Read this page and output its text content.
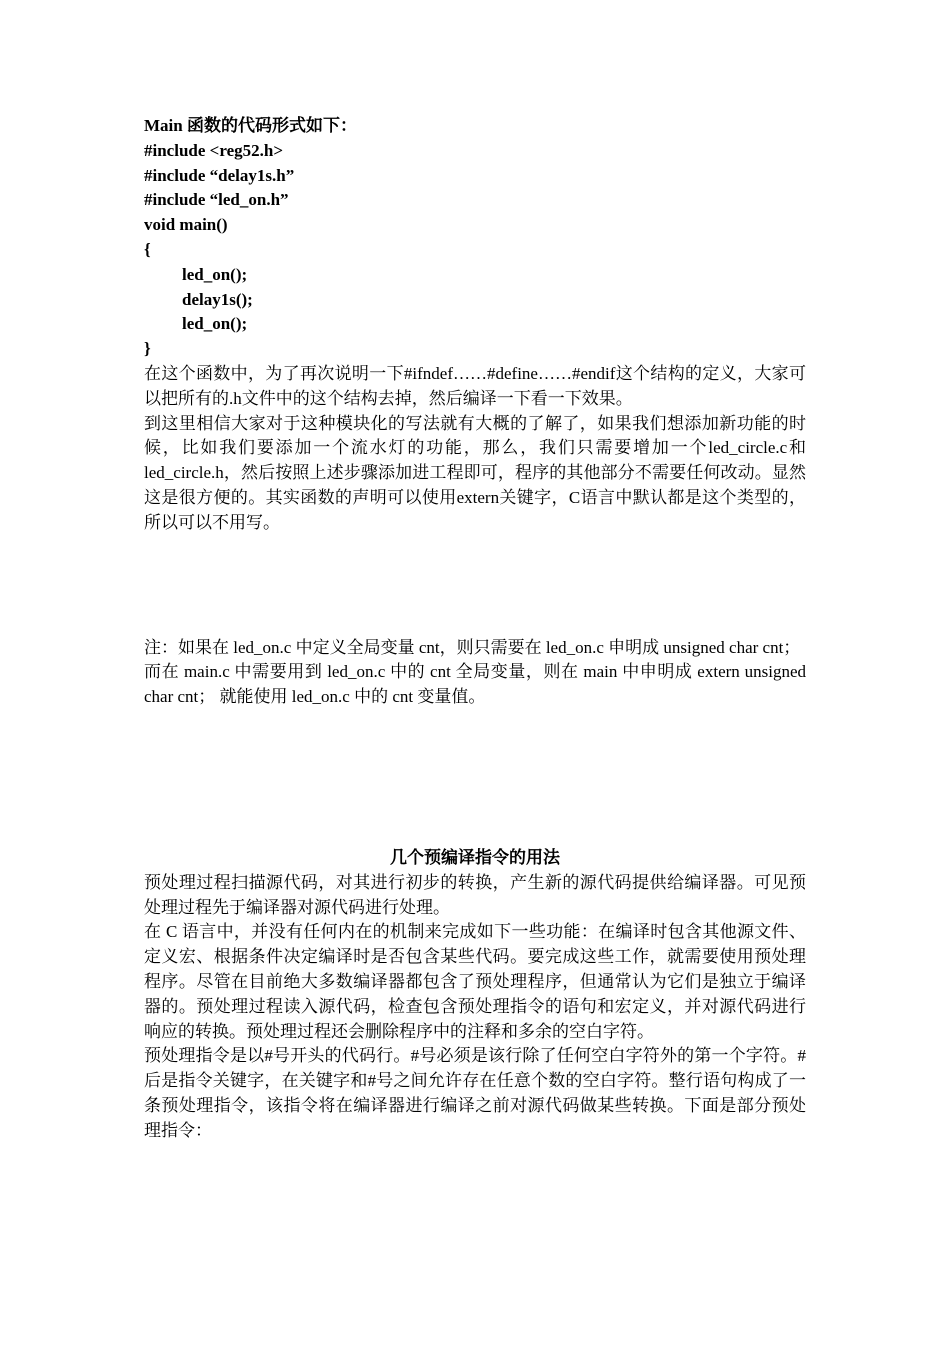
Main 函数的代码形式如下：
#include <reg52.h>
#include “delay1s.h”
#include “led_on.h”
void main()
{
led_on();
delay1s();
led_on();
}

在这个函数中，为了再次说明一下#ifndef……#define……#endif这个结构的定义，大家可以把所有的.h文件中的这个结构去掉，然后编译一下看一下效果。

到这里相信大家对于这种模块化的写法就有大概的了解了，如果我们想添加新功能的时候，比如我们要添加一个流水灯的功能，那么，我们只需要增加一个led_circle.c和led_circle.h，然后按照上述步骤添加进工程即可，程序的其他部分不需要任何改动。显然这是很方便的。其实函数的声明可以使用extern关键字，C语言中默认都是这个类型的，所以可以不用写。

注：如果在 led_on.c 中定义全局变量 cnt，则只需要在 led_on.c 申明成 unsigned char cnt；

而在 main.c 中需要用到 led_on.c 中的 cnt 全局变量，则在 main 中申明成 extern unsigned char cnt； 就能使用 led_on.c 中的 cnt 变量值。

几个预编译指令的用法

预处理过程扫描源代码，对其进行初步的转换，产生新的源代码提供给编译器。可见预处理过程先于编译器对源代码进行处理。

在 C 语言中，并没有任何内在的机制来完成如下一些功能：在编译时包含其他源文件、定义宏、根据条件决定编译时是否包含某些代码。要完成这些工作，就需要使用预处理程序。尽管在目前绝大多数编译器都包含了预处理程序，但通常认为它们是独立于编译器的。预处理过程读入源代码，检查包含预处理指令的语句和宏定义，并对源代码进行响应的转换。预处理过程还会删除程序中的注释和多余的空白字符。

预处理指令是以#号开头的代码行。#号必须是该行除了任何空白字符外的第一个字符。#后是指令关键字，在关键字和#号之间允许存在任意个数的空白字符。整行语句构成了一条预处理指令，该指令将在编译器进行编译之前对源代码做某些转换。下面是部分预处理指令：
